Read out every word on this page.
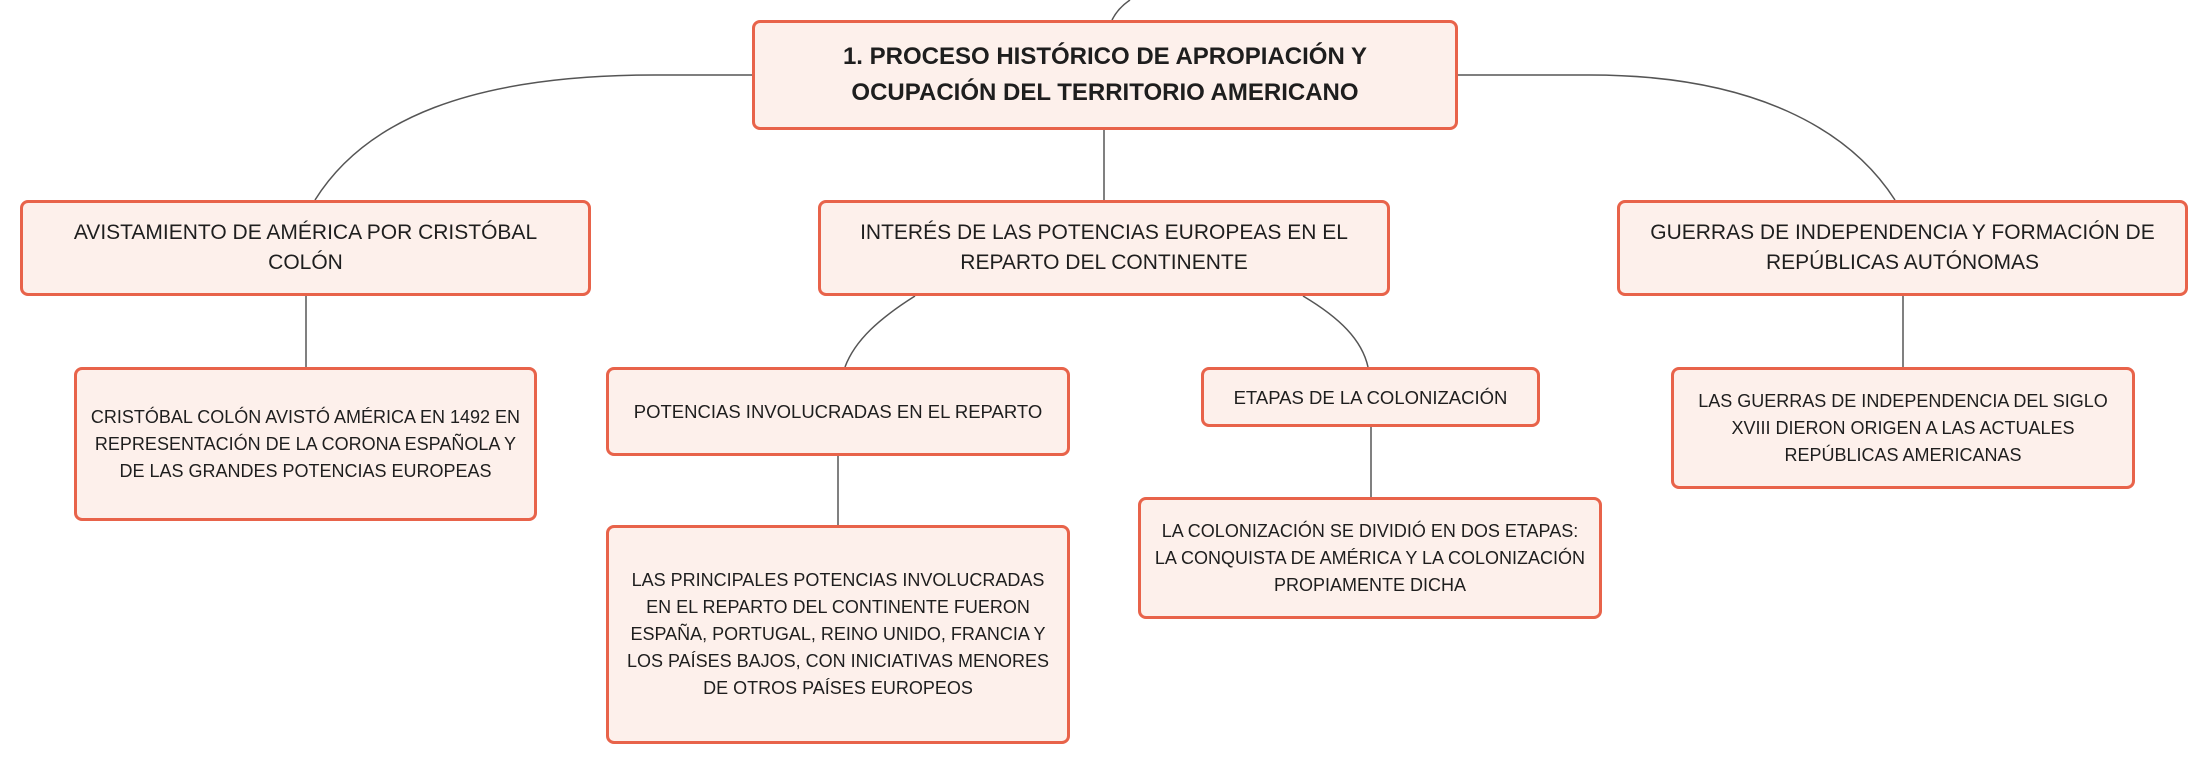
1. PROCESO HISTÓRICO DE APROPIACIÓN Y OCUPACIÓN DEL TERRITORIO AMERICANO
AVISTAMIENTO DE AMÉRICA POR CRISTÓBAL COLÓN
INTERÉS DE LAS POTENCIAS EUROPEAS EN EL REPARTO DEL CONTINENTE
GUERRAS DE INDEPENDENCIA Y FORMACIÓN DE REPÚBLICAS AUTÓNOMAS
CRISTÓBAL COLÓN AVISTÓ AMÉRICA EN 1492 EN REPRESENTACIÓN DE LA CORONA ESPAÑOLA Y DE LAS GRANDES POTENCIAS EUROPEAS
POTENCIAS INVOLUCRADAS EN EL REPARTO
ETAPAS DE LA COLONIZACIÓN	LAS GUERRAS DE INDEPENDENCIA DEL SIGLO XVIII DIERON ORIGEN A LAS ACTUALES REPÚBLICAS AMERICANAS
LA COLONIZACIÓN SE DIVIDIÓ EN DOS ETAPAS: LA CONQUISTA DE AMÉRICA Y LA COLONIZACIÓN PROPIAMENTE DICHA
LAS PRINCIPALES POTENCIAS INVOLUCRADAS EN EL REPARTO DEL CONTINENTE FUERON ESPAÑA, PORTUGAL, REINO UNIDO, FRANCIA Y LOS PAÍSES BAJOS, CON INICIATIVAS MENORES DE OTROS PAÍSES EUROPEOS
